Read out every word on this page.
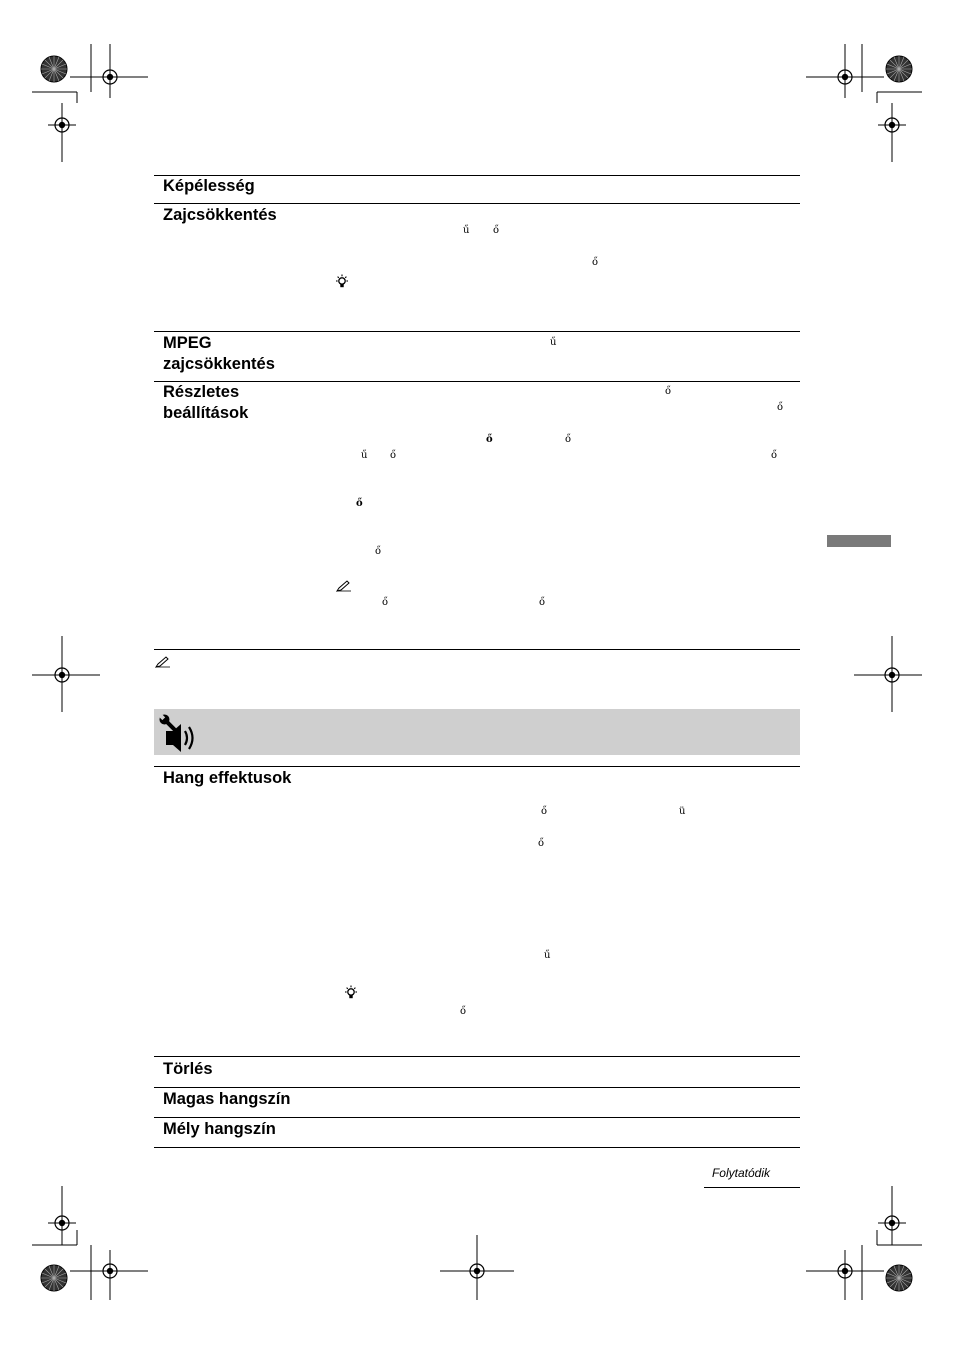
Képélesség
Zajcsökkentés
ű ő
ő
MPEG
zajcsökkentés
ű
Részletes
beállítások
ő
ő
ő	ő
ű ő	ő
ő
ő
ő	ő
Hang effektusok
ő	ü
ő
ű
ő
Törlés
Magas hangszín
Mély hangszín
Folytatódik
